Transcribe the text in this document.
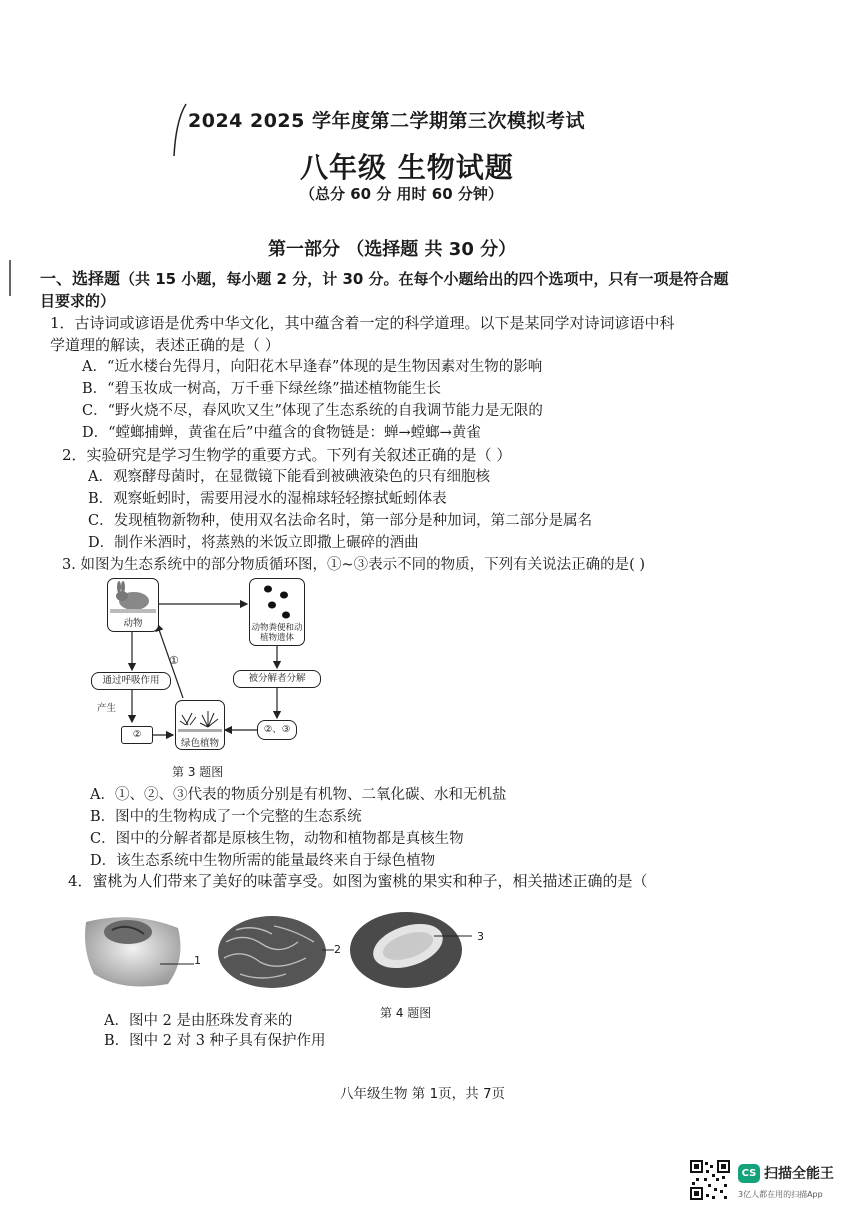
2024 2025 学年度第二学期第三次模拟考试
八年级 生物试题
（总分 60 分 用时 60 分钟）
第一部分 （选择题 共 30 分）
一、选择题（共 15 小题，每小题 2 分，计 30 分。在每个小题给出的四个选项中，只有一项是符合题目要求的）
1．古诗词或谚语是优秀中华文化，其中蕴含着一定的科学道理。以下是某同学对诗词谚语中科
学道理的解读，表述正确的是（ ）
A．“近水楼台先得月，向阳花木早逢春”体现的是生物因素对生物的影响
B．“碧玉妆成一树高，万千垂下绿丝绦”描述植物能生长
C．“野火烧不尽，春风吹又生”体现了生态系统的自我调节能力是无限的
D．“螳螂捕蝉，黄雀在后”中蕴含的食物链是：蝉→螳螂→黄雀
2．实验研究是学习生物学的重要方式。下列有关叙述正确的是（ ）
A．观察酵母菌时，在显微镜下能看到被碘液染色的只有细胞核
B．观察蚯蚓时，需要用浸水的湿棉球轻轻擦拭蚯蚓体表
C．发现植物新物种，使用双名法命名时，第一部分是种加词，第二部分是属名
D．制作米酒时，将蒸熟的米饭立即撒上碾碎的酒曲
3. 如图为生态系统中的部分物质循环图，①~③表示不同的物质，下列有关说法正确的是( )
动物	动物粪便和动植物遗体
通过呼吸作用
产生
②
①
被分解者分解
②、③
绿色植物
第 3 题图
A．①、②、③代表的物质分别是有机物、二氧化碳、水和无机盐
B．图中的生物构成了一个完整的生态系统
C．图中的分解者都是原核生物，动物和植物都是真核生物
D．该生态系统中生物所需的能量最终来自于绿色植物
4．蜜桃为人们带来了美好的味蕾享受。如图为蜜桃的果实和种子，相关描述正确的是（
1
2
3
第 4 题图
A．图中 2 是由胚珠发育来的
B．图中 2 对 3 种子具有保护作用
八年级生物 第 1页，共 7页
CS 扫描全能王
3亿人都在用的扫描App
